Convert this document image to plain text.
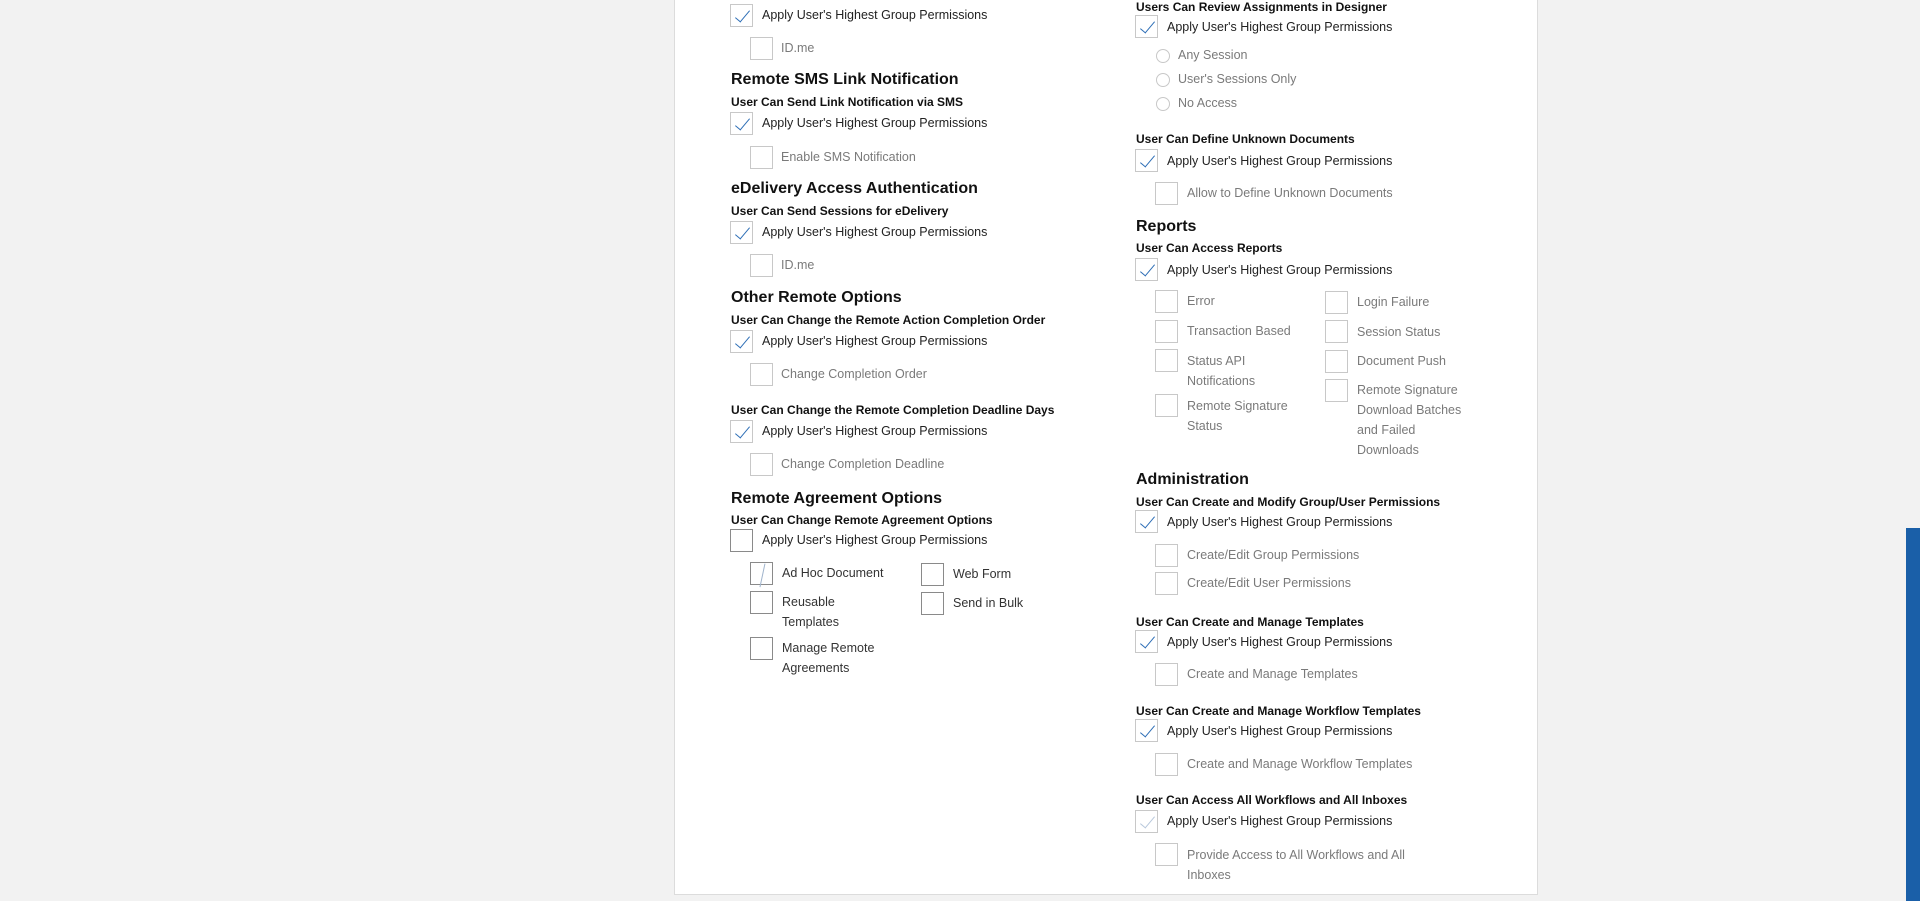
Apply User's Highest Group Permissions
ID.me
Remote SMS Link Notification
User Can Send Link Notification via SMS
Apply User's Highest Group Permissions
Enable SMS Notification
eDelivery Access Authentication
User Can Send Sessions for eDelivery
Apply User's Highest Group Permissions
ID.me
Other Remote Options
User Can Change the Remote Action Completion Order
Apply User's Highest Group Permissions
Change Completion Order
User Can Change the Remote Completion Deadline Days
Apply User's Highest Group Permissions
Change Completion Deadline
Remote Agreement Options
User Can Change Remote Agreement Options
Apply User's Highest Group Permissions
Ad Hoc Document	Web Form
Reusable Templates
Send in Bulk
Manage Remote Agreements
Users Can Review Assignments in Designer
Apply User's Highest Group Permissions
Any Session
User's Sessions Only
No Access
User Can Define Unknown Documents
Apply User's Highest Group Permissions
Allow to Define Unknown Documents
Reports
User Can Access Reports
Apply User's Highest Group Permissions
Error
Transaction Based
Status API Notifications
Remote Signature Status
Login Failure
Session Status
Document Push
Remote Signature Download Batches and Failed Downloads
Administration
User Can Create and Modify Group/User Permissions
Apply User's Highest Group Permissions
Create/Edit Group Permissions
Create/Edit User Permissions
User Can Create and Manage Templates
Apply User's Highest Group Permissions
Create and Manage Templates
User Can Create and Manage Workflow Templates
Apply User's Highest Group Permissions
Create and Manage Workflow Templates
User Can Access All Workflows and All Inboxes
Apply User's Highest Group Permissions
Provide Access to All Workflows and All Inboxes
